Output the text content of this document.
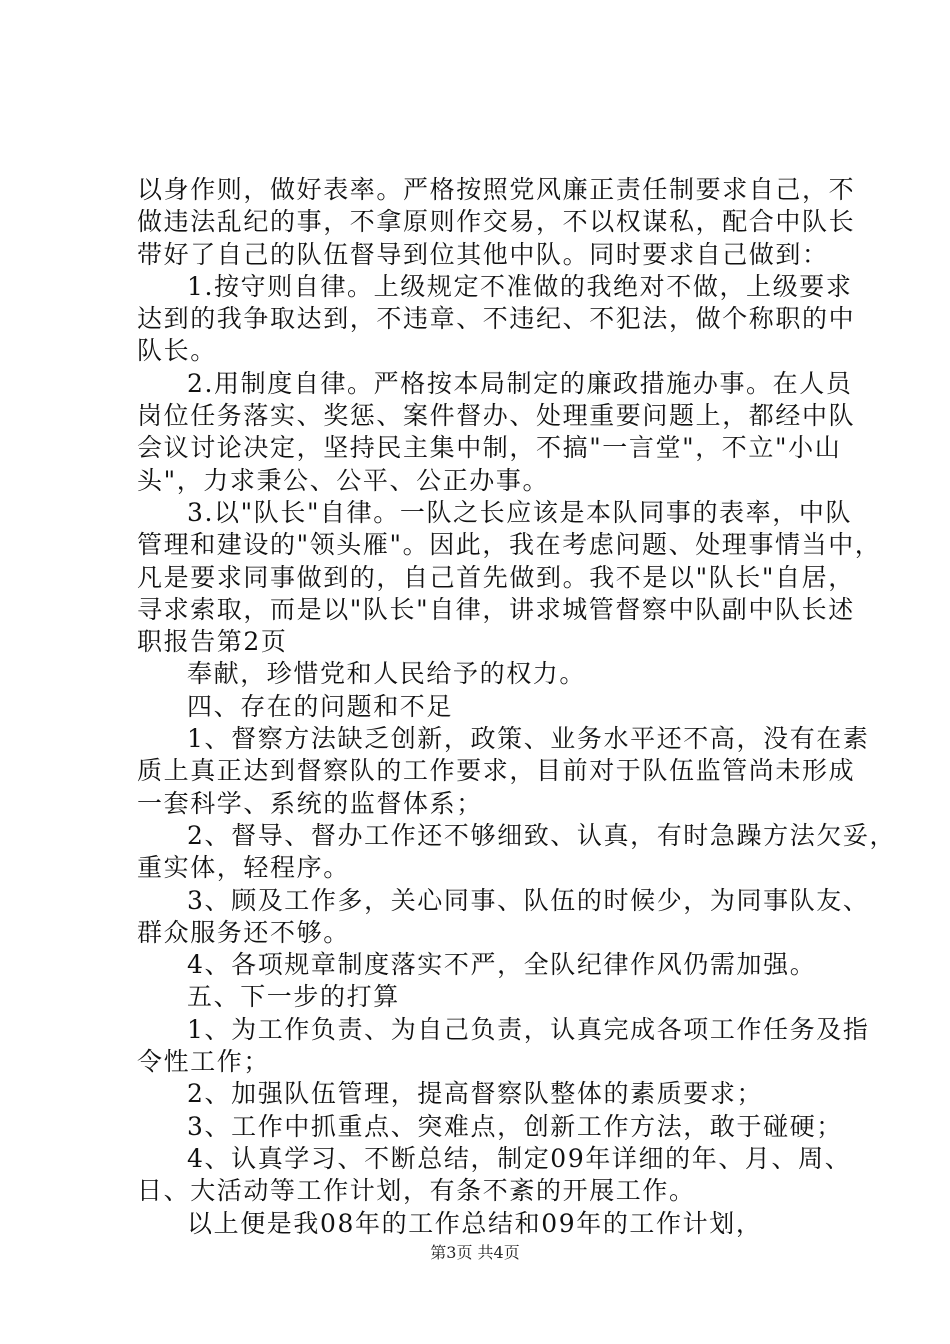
以身作则，做好表率。严格按照党风廉正责任制要求自己，不
做违法乱纪的事，不拿原则作交易，不以权谋私，配合中队长
带好了自己的队伍督导到位其他中队。同时要求自己做到：
1.按守则自律。上级规定不准做的我绝对不做，上级要求
达到的我争取达到，不违章、不违纪、不犯法，做个称职的中
队长。
2.用制度自律。严格按本局制定的廉政措施办事。在人员
岗位任务落实、奖惩、案件督办、处理重要问题上，都经中队
会议讨论决定，坚持民主集中制，不搞"一言堂"，不立"小山
头"，力求秉公、公平、公正办事。
3.以"队长"自律。一队之长应该是本队同事的表率，中队
管理和建设的"领头雁"。因此，我在考虑问题、处理事情当中，
凡是要求同事做到的，自己首先做到。我不是以"队长"自居，
寻求索取，而是以"队长"自律，讲求城管督察中队副中队长述
职报告第2页
奉献，珍惜党和人民给予的权力。
四、存在的问题和不足
1、督察方法缺乏创新，政策、业务水平还不高，没有在素
质上真正达到督察队的工作要求，目前对于队伍监管尚未形成
一套科学、系统的监督体系；
2、督导、督办工作还不够细致、认真，有时急躁方法欠妥，
重实体，轻程序。
3、顾及工作多，关心同事、队伍的时候少，为同事队友、
群众服务还不够。
4、各项规章制度落实不严，全队纪律作风仍需加强。
五、下一步的打算
1、为工作负责、为自己负责，认真完成各项工作任务及指
令性工作；
2、加强队伍管理，提高督察队整体的素质要求；
3、工作中抓重点、突难点，创新工作方法，敢于碰硬；
4、认真学习、不断总结，制定09年详细的年、月、周、
日、大活动等工作计划，有条不紊的开展工作。
以上便是我08年的工作总结和09年的工作计划，
第3页 共4页
